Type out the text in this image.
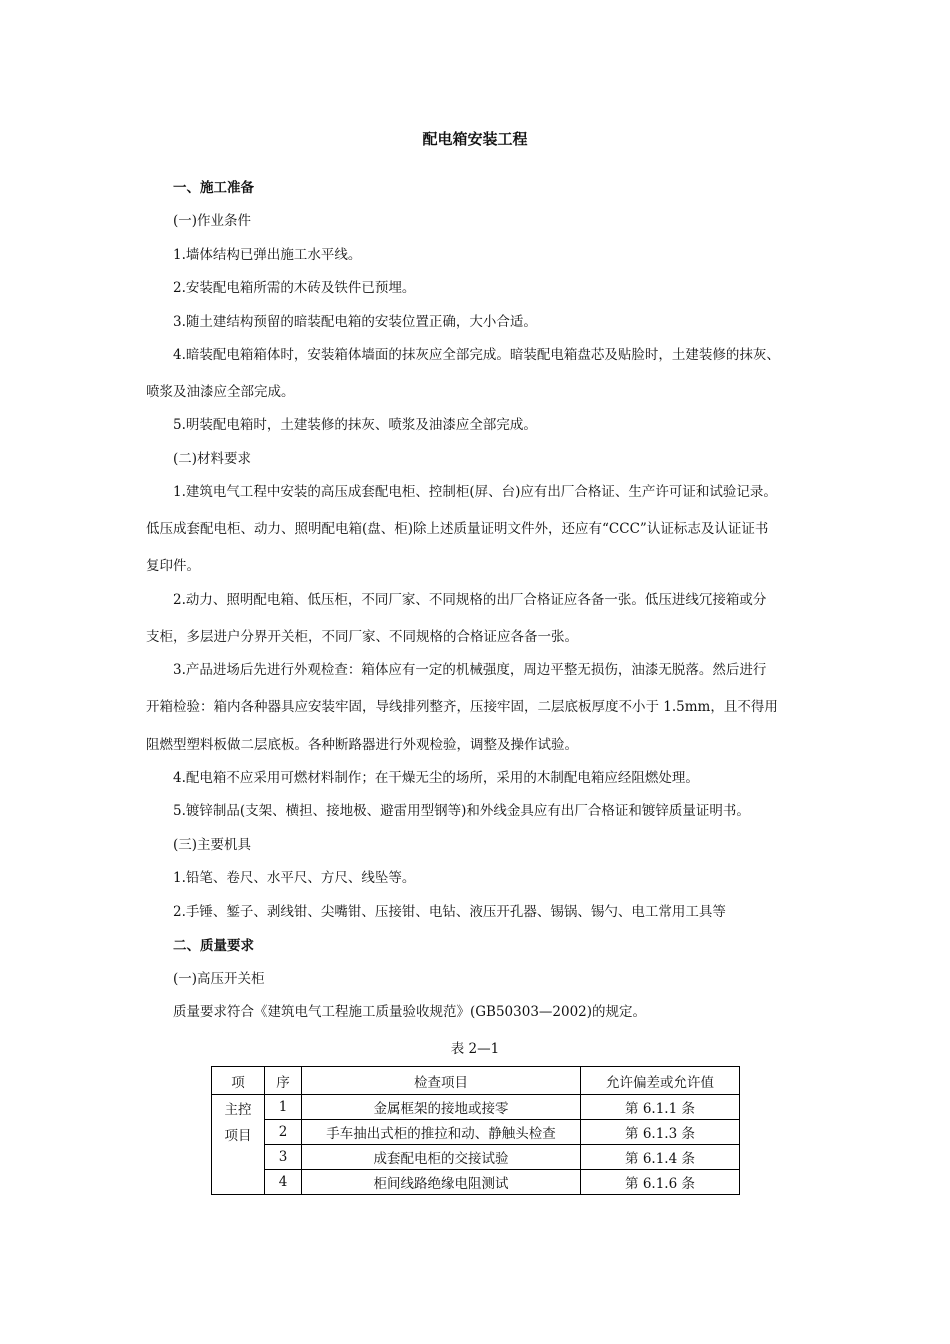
配电箱安装工程
一、施工准备
(一)作业条件
1.墙体结构已弹出施工水平线。
2.安装配电箱所需的木砖及铁件已预埋。
3.随土建结构预留的暗装配电箱的安装位置正确，大小合适。
4.暗装配电箱箱体时，安装箱体墙面的抹灰应全部完成。暗装配电箱盘芯及贴脸时，土建装修的抹灰、
喷浆及油漆应全部完成。
5.明装配电箱时，土建装修的抹灰、喷浆及油漆应全部完成。
(二)材料要求
1.建筑电气工程中安装的高压成套配电柜、控制柜(屏、台)应有出厂合格证、生产许可证和试验记录。
低压成套配电柜、动力、照明配电箱(盘、柜)除上述质量证明文件外，还应有“CCC”认证标志及认证证书
复印件。
2.动力、照明配电箱、低压柜，不同厂家、不同规格的出厂合格证应各备一张。低压进线冗接箱或分
支柜，多层进户分界开关柜，不同厂家、不同规格的合格证应各备一张。
3.产品进场后先进行外观检查：箱体应有一定的机械强度，周边平整无损伤，油漆无脱落。然后进行
开箱检验：箱内各种器具应安装牢固，导线排列整齐，压接牢固，二层底板厚度不小于 1.5mm，且不得用
阻燃型塑料板做二层底板。各种断路器进行外观检验，调整及操作试验。
4.配电箱不应采用可燃材料制作；在干燥无尘的场所，采用的木制配电箱应经阻燃处理。
5.镀锌制品(支架、横担、接地极、避雷用型钢等)和外线金具应有出厂合格证和镀锌质量证明书。
(三)主要机具
1.铅笔、卷尺、水平尺、方尺、线坠等。
2.手锤、錾子、剥线钳、尖嘴钳、压接钳、电钻、液压开孔器、锡锅、锡勺、电工常用工具等
二、质量要求
(一)高压开关柜
质量要求符合《建筑电气工程施工质量验收规范》(GB50303—2002)的规定。
表 2—1
项	序	检查项目	允许偏差或允许值

主控
项目	1	金属框架的接地或接零	第 6.1.1 条
	2	手车抽出式柜的推拉和动、静触头检查	第 6.1.3 条
	3	成套配电柜的交接试验	第 6.1.4 条
	4	柜间线路绝缘电阻测试	第 6.1.6 条
